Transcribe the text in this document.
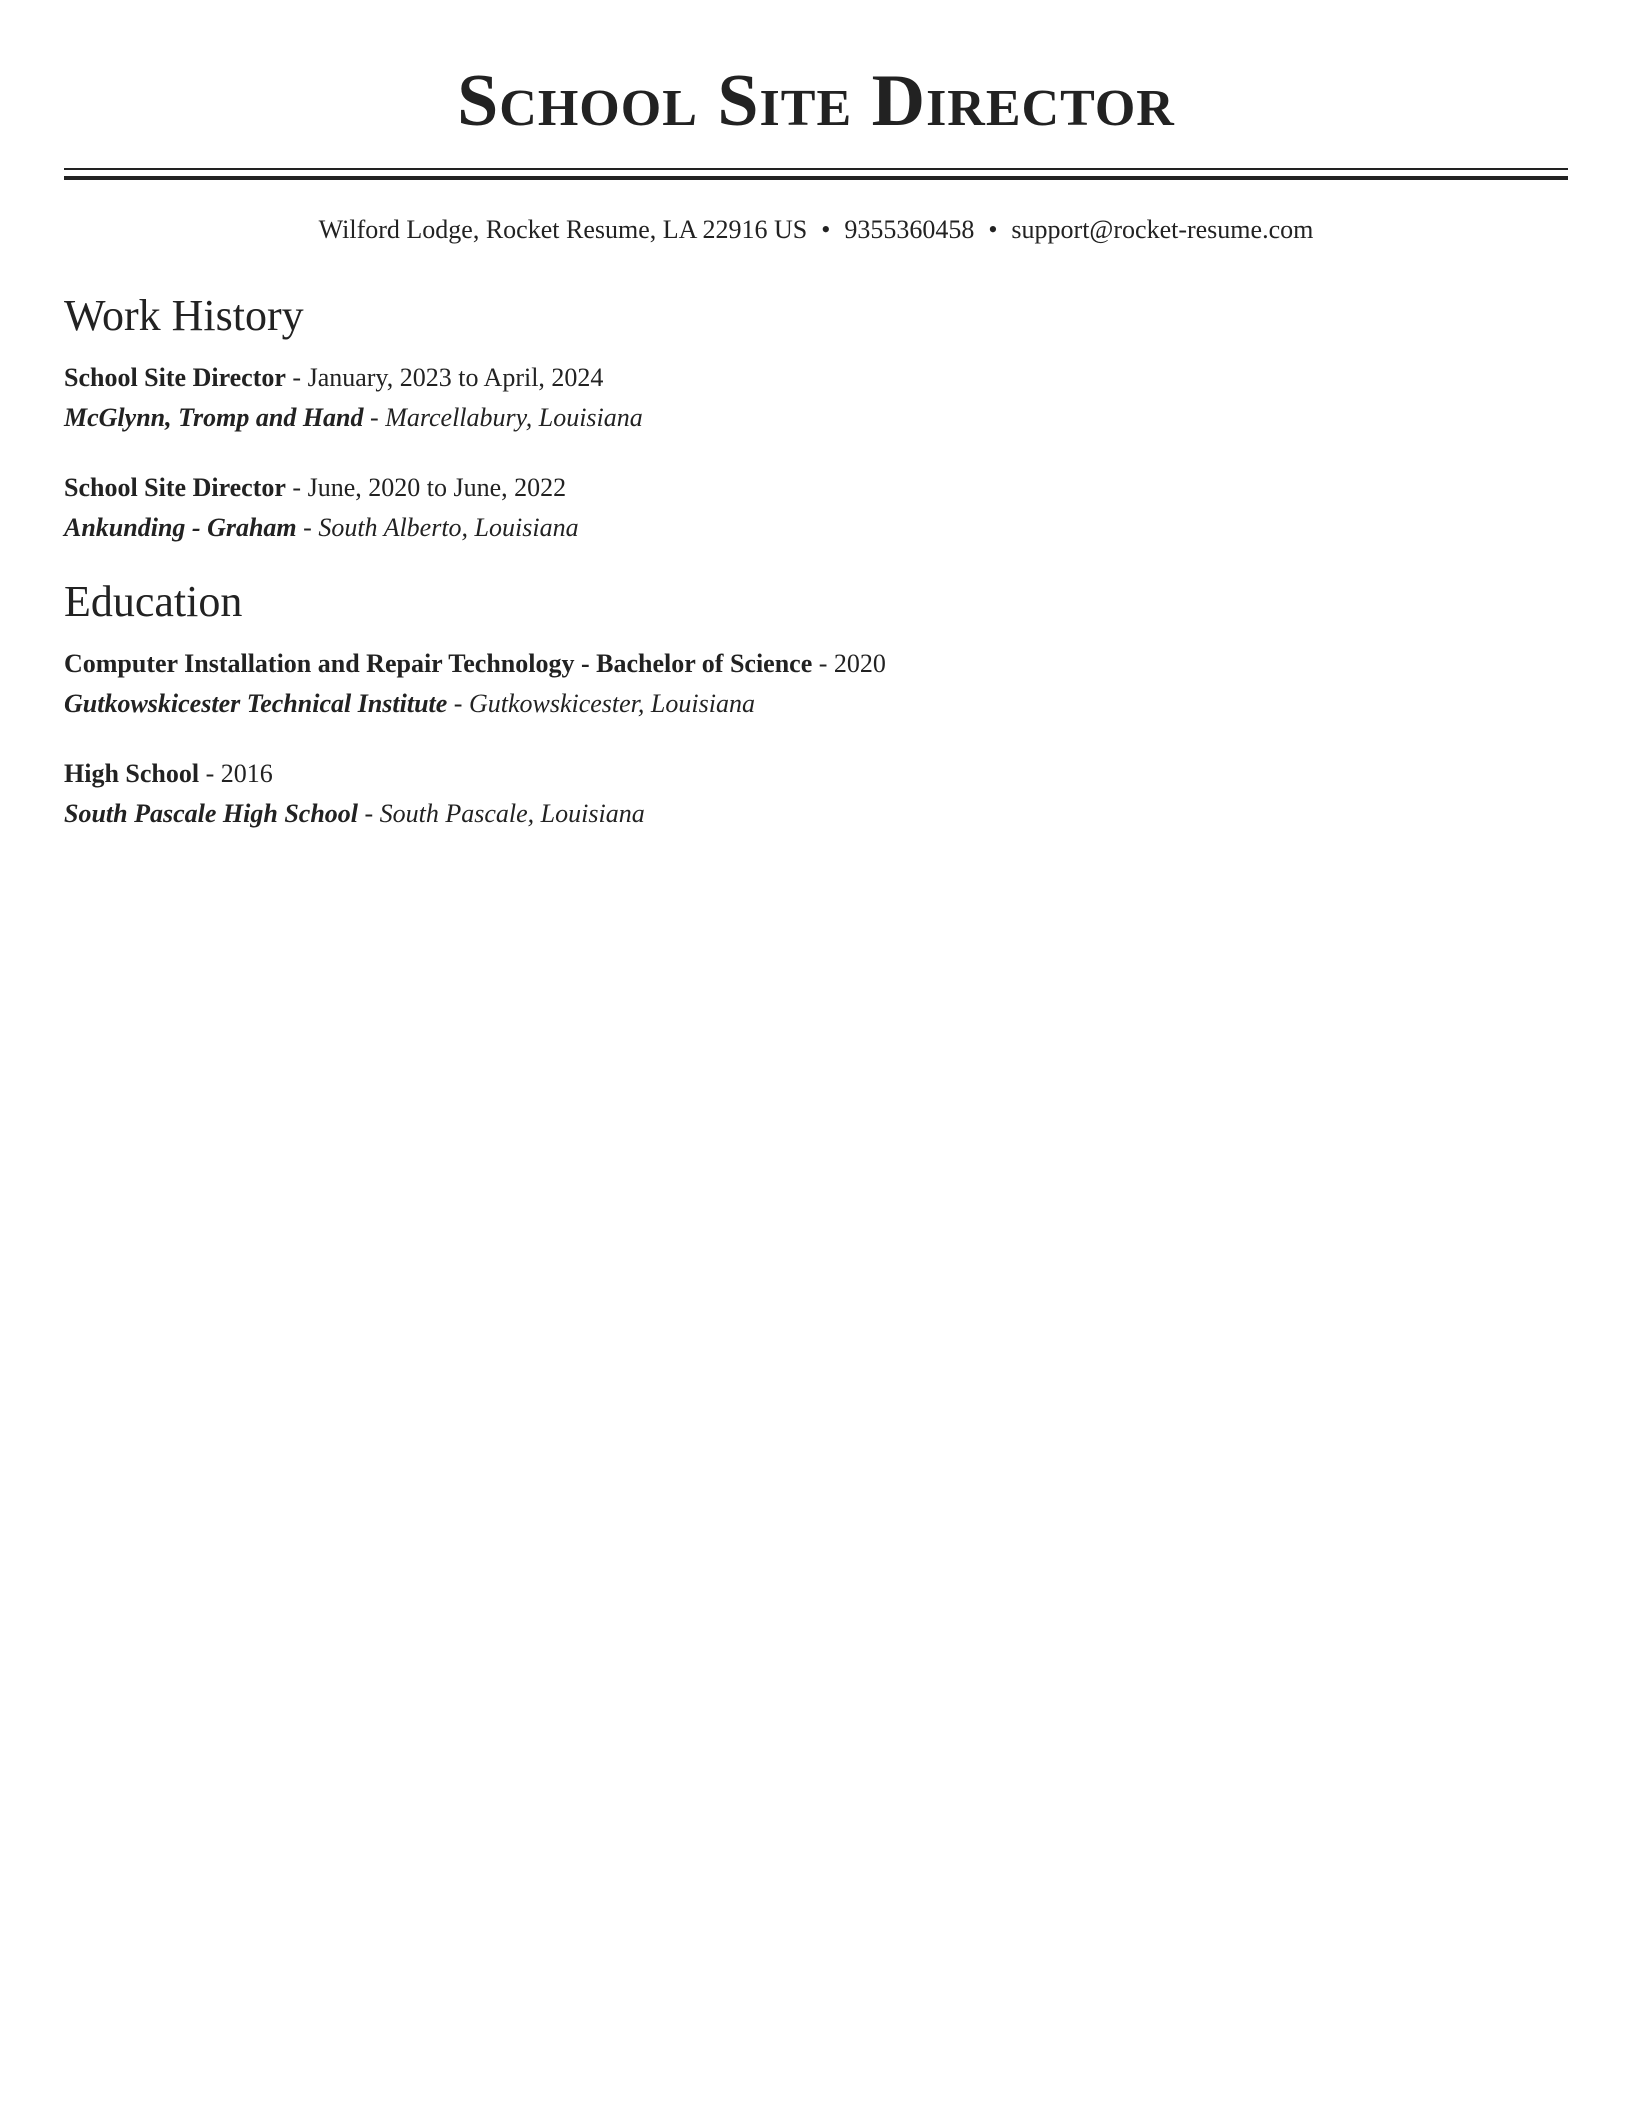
School Site Director
Wilford Lodge, Rocket Resume, LA 22916 US • 9355360458 • support@rocket-resume.com
Work History
School Site Director - January, 2023 to April, 2024
McGlynn, Tromp and Hand - Marcellabury, Louisiana
School Site Director - June, 2020 to June, 2022
Ankunding - Graham - South Alberto, Louisiana
Education
Computer Installation and Repair Technology - Bachelor of Science - 2020
Gutkowskicester Technical Institute - Gutkowskicester, Louisiana
High School - 2016
South Pascale High School - South Pascale, Louisiana
